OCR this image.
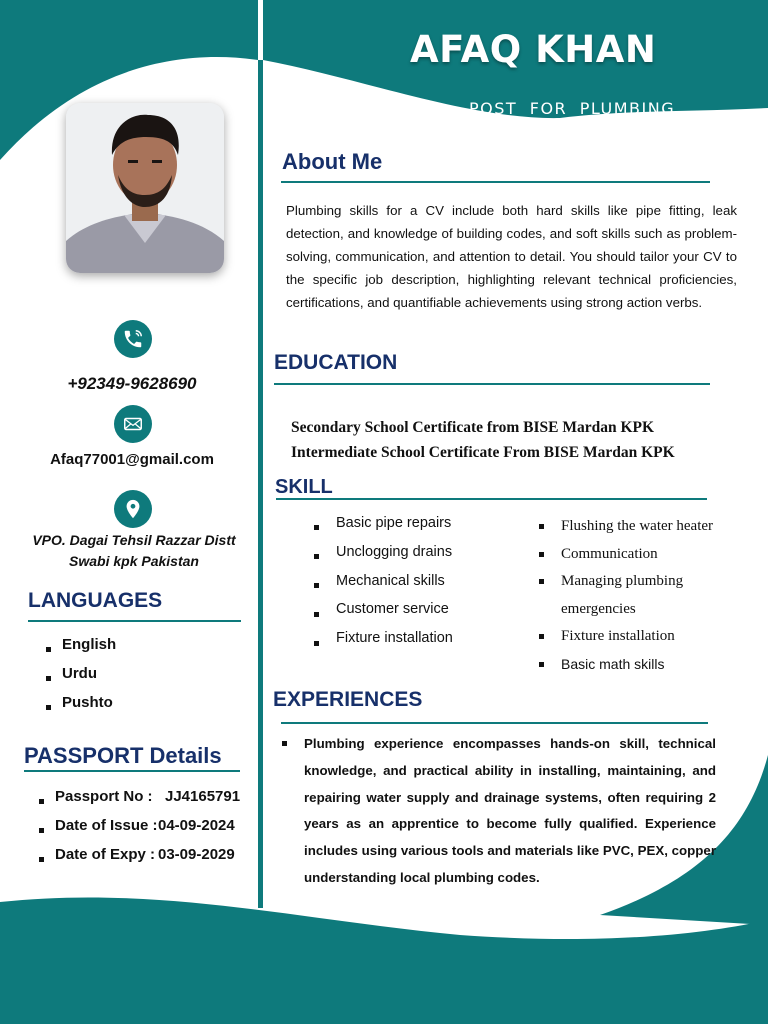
AFAQ KHAN
POST FOR PLUMBING
+92349-9628690
Afaq77001@gmail.com
VPO. Dagai Tehsil Razzar Distt Swabi kpk Pakistan
LANGUAGES
English
Urdu
Pushto
PASSPORT Details
Passport No : JJ4165791
Date of Issue :04-09-2024
Date of Expy : 03-09-2029
About Me

Plumbing skills for a CV include both hard skills like pipe fitting, leak detection, and knowledge of building codes, and soft skills such as problem-solving, communication, and attention to detail. You should tailor your CV to the specific job description, highlighting relevant technical proficiencies, certifications, and quantifiable achievements using strong action verbs.

EDUCATION
Secondary School Certificate from BISE Mardan KPK
Intermediate School Certificate From BISE Mardan KPK
SKILL
Basic pipe repairs
Unclogging drains
Mechanical skills
Customer service
Fixture installation
Flushing the water heater
Communication
Managing plumbing emergencies
Fixture installation
Basic math skills
EXPERIENCES
Plumbing experience encompasses hands-on skill, technical knowledge, and practical ability in installing, maintaining, and repairing water supply and drainage systems, often requiring 2 years as an apprentice to become fully qualified. Experience includes using various tools and materials like PVC, PEX, copper understanding local plumbing codes.
